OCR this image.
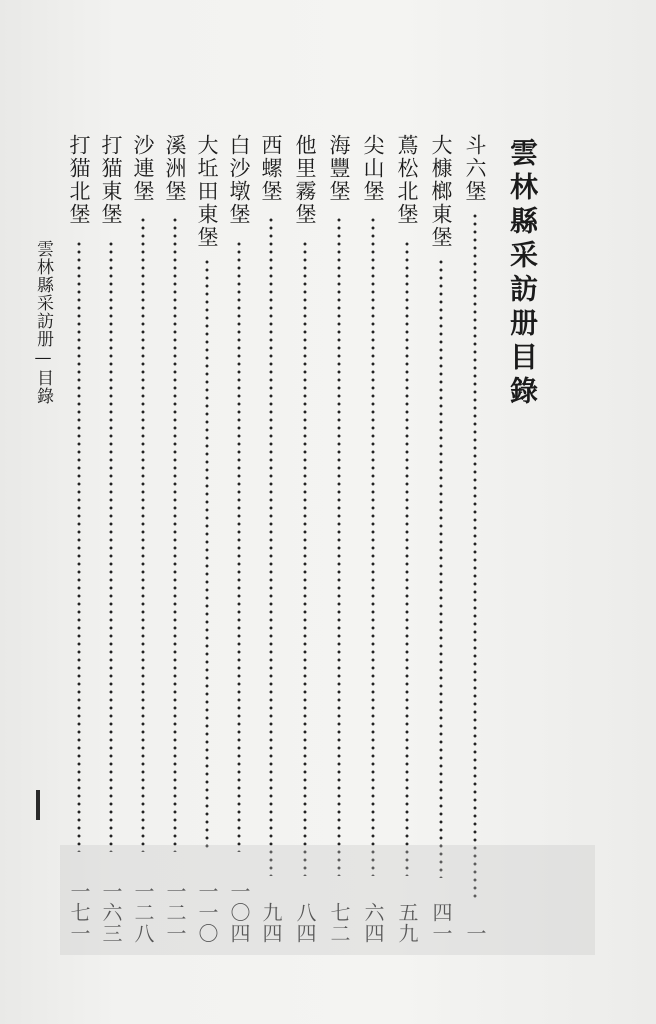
雲林縣采訪册目錄
斗六堡
一
大槺榔東堡
四一
蔦松北堡
五九
尖山堡
六四
海豐堡
七二
他里霧堡
八四
西螺堡
九四
白沙墩堡
一〇四
大坵田東堡
一一〇
溪洲堡
一二一
沙連堡
一二八
打猫東堡
一六三
打猫北堡
一七一
雲林縣采訪册—目錄
